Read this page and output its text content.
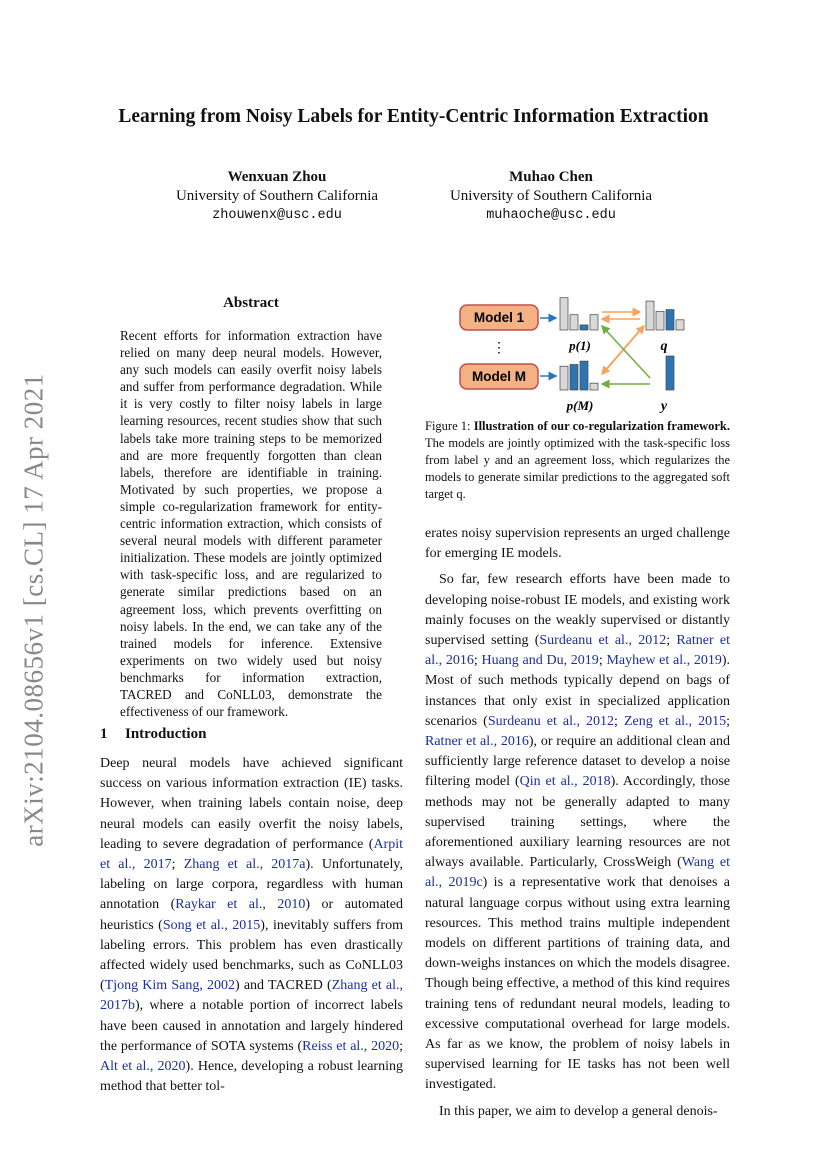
arXiv:2104.08656v1 [cs.CL] 17 Apr 2021
Learning from Noisy Labels for Entity-Centric Information Extraction
Wenxuan Zhou
University of Southern California
zhouwenx@usc.edu
Muhao Chen
University of Southern California
muhaoche@usc.edu
Abstract

Recent efforts for information extraction have relied on many deep neural models. However, any such models can easily overfit noisy labels and suffer from performance degradation. While it is very costly to filter noisy labels in large learning resources, recent studies show that such labels take more training steps to be memorized and are more frequently forgotten than clean labels, therefore are identifiable in training. Motivated by such properties, we propose a simple co-regularization framework for entity-centric information extraction, which consists of several neural models with different parameter initialization. These models are jointly optimized with task-specific loss, and are regularized to generate similar predictions based on an agreement loss, which prevents overfitting on noisy labels. In the end, we can take any of the trained models for inference. Extensive experiments on two widely used but noisy benchmarks for information extraction, TACRED and CoNLL03, demonstrate the effectiveness of our framework.

1 Introduction

Deep neural models have achieved significant success on various information extraction (IE) tasks. However, when training labels contain noise, deep neural models can easily overfit the noisy labels, leading to severe degradation of performance (Arpit et al., 2017; Zhang et al., 2017a). Unfortunately, labeling on large corpora, regardless with human annotation (Raykar et al., 2010) or automated heuristics (Song et al., 2015), inevitably suffers from labeling errors. This problem has even drastically affected widely used benchmarks, such as CoNLL03 (Tjong Kim Sang, 2002) and TACRED (Zhang et al., 2017b), where a notable portion of incorrect labels have been caused in annotation and largely hindered the performance of SOTA systems (Reiss et al., 2020; Alt et al., 2020). Hence, developing a robust learning method that better tol-

Model 1
⋮
Model M
p(1)
p(M)
q
y
Figure 1: Illustration of our co-regularization framework. The models are jointly optimized with the task-specific loss from label y and an agreement loss, which regularizes the models to generate similar predictions to the aggregated soft target q.

erates noisy supervision represents an urged challenge for emerging IE models.

So far, few research efforts have been made to developing noise-robust IE models, and existing work mainly focuses on the weakly supervised or distantly supervised setting (Surdeanu et al., 2012; Ratner et al., 2016; Huang and Du, 2019; Mayhew et al., 2019). Most of such methods typically depend on bags of instances that only exist in specialized application scenarios (Surdeanu et al., 2012; Zeng et al., 2015; Ratner et al., 2016), or require an additional clean and sufficiently large reference dataset to develop a noise filtering model (Qin et al., 2018). Accordingly, those methods may not be generally adapted to many supervised training settings, where the aforementioned auxiliary learning resources are not always available. Particularly, CrossWeigh (Wang et al., 2019c) is a representative work that denoises a natural language corpus without using extra learning resources. This method trains multiple independent models on different partitions of training data, and down-weighs instances on which the models disagree. Though being effective, a method of this kind requires training tens of redundant neural models, leading to excessive computational overhead for large models. As far as we know, the problem of noisy labels in supervised learning for IE tasks has not been well investigated.

In this paper, we aim to develop a general denois-
